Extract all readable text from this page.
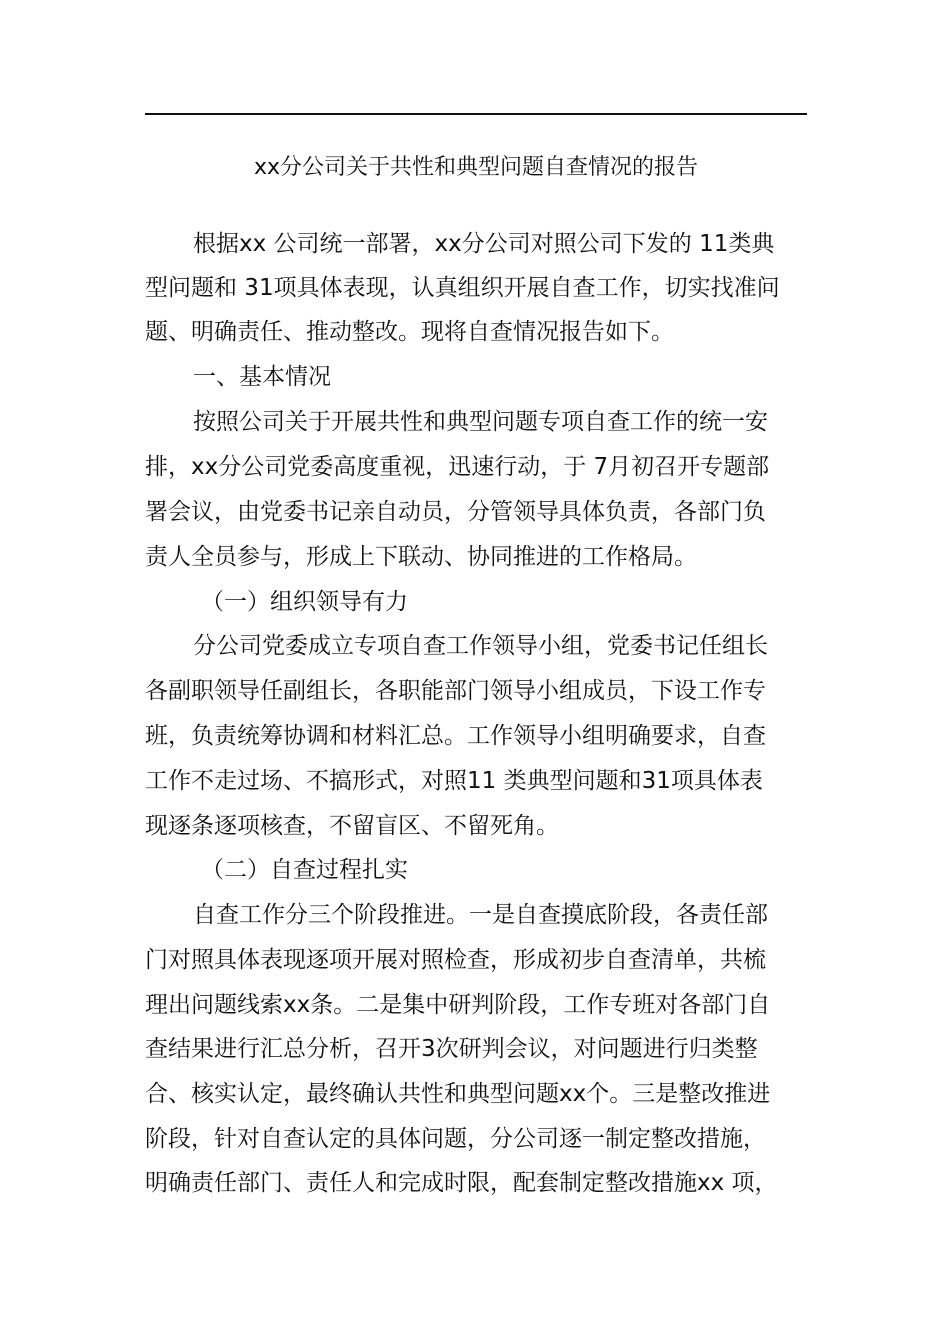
xx分公司关于共性和典型问题自查情况的报告
根据xx 公司统一部署，xx分公司对照公司下发的 11类典
型问题和 31项具体表现，认真组织开展自查工作，切实找准问
题、明确责任、推动整改。现将自查情况报告如下。
一、基本情况
按照公司关于开展共性和典型问题专项自查工作的统一安
排，xx分公司党委高度重视，迅速行动，于 7月初召开专题部
署会议，由党委书记亲自动员，分管领导具体负责，各部门负
责人全员参与，形成上下联动、协同推进的工作格局。
（一）组织领导有力
分公司党委成立专项自查工作领导小组，党委书记任组长
各副职领导任副组长，各职能部门领导小组成员，下设工作专
班，负责统筹协调和材料汇总。工作领导小组明确要求，自查
工作不走过场、不搞形式，对照11 类典型问题和31项具体表
现逐条逐项核查，不留盲区、不留死角。
（二）自查过程扎实
自查工作分三个阶段推进。一是自查摸底阶段，各责任部
门对照具体表现逐项开展对照检查，形成初步自查清单，共梳
理出问题线索xx条。二是集中研判阶段，工作专班对各部门自
查结果进行汇总分析，召开3次研判会议，对问题进行归类整
合、核实认定，最终确认共性和典型问题xx个。三是整改推进
阶段，针对自查认定的具体问题，分公司逐一制定整改措施，
明确责任部门、责任人和完成时限，配套制定整改措施xx 项，
